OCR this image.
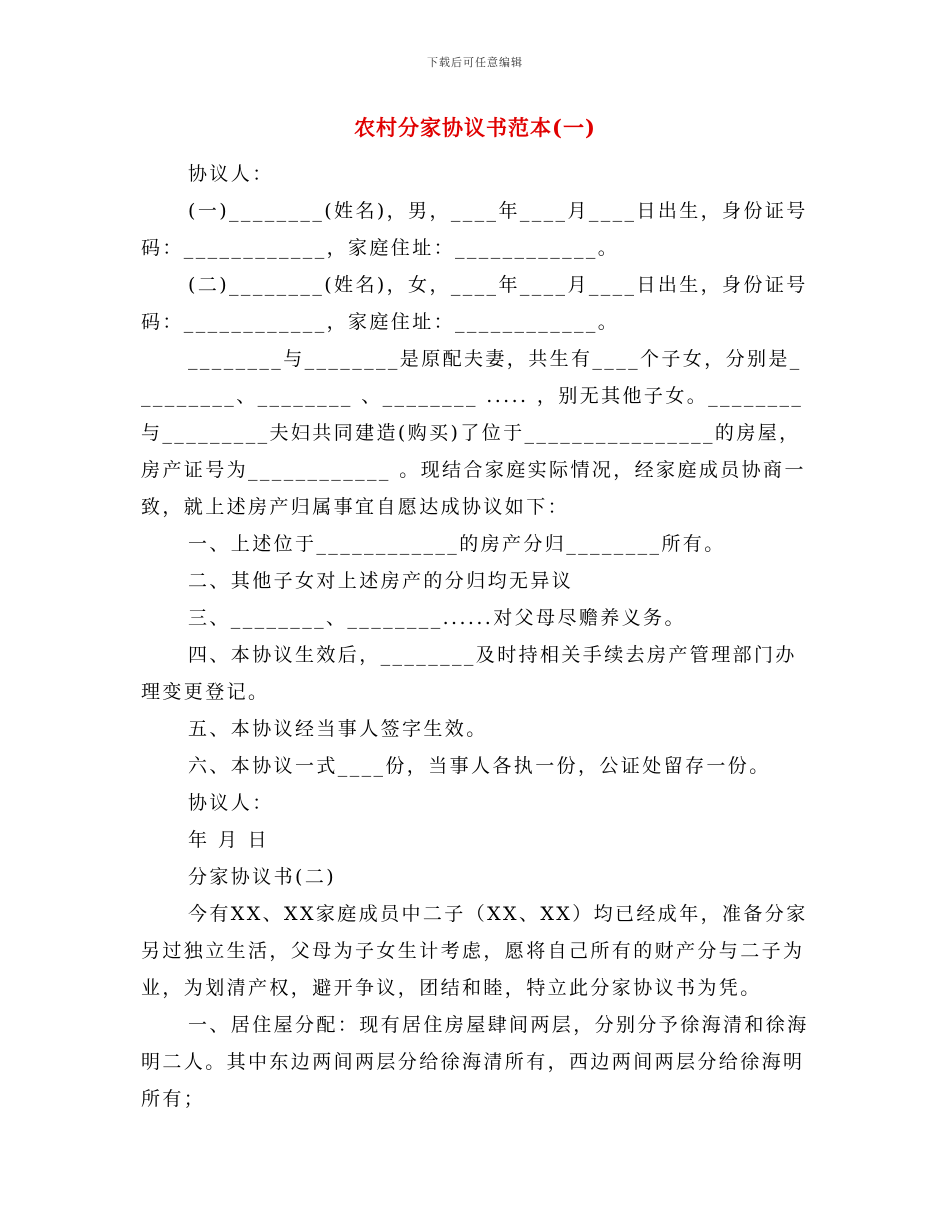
下载后可任意编辑
农村分家协议书范本(一)

协议人：

(一)________(姓名)，男，____年____月____日出生，身份证号码：____________，家庭住址：____________。

(二)________(姓名)，女，____年____月____日出生，身份证号码：____________，家庭住址：____________。

________与________是原配夫妻，共生有____个子女，分别是_________、________ 、________ ..... ，别无其他子女。________与_________夫妇共同建造(购买)了位于________________的房屋，房产证号为____________ 。现结合家庭实际情况，经家庭成员协商一致，就上述房产归属事宜自愿达成协议如下：

一、上述位于____________的房产分归________所有。

二、其他子女对上述房产的分归均无异议

三、________、________......对父母尽赡养义务。

四、本协议生效后，________及时持相关手续去房产管理部门办理变更登记。

五、本协议经当事人签字生效。

六、本协议一式____份，当事人各执一份，公证处留存一份。

协议人：

年 月 日

分家协议书(二)

今有XX、XX家庭成员中二子（XX、XX）均已经成年，准备分家另过独立生活，父母为子女生计考虑，愿将自己所有的财产分与二子为业，为划清产权，避开争议，团结和睦，特立此分家协议书为凭。

一、居住屋分配：现有居住房屋肆间两层，分别分予徐海清和徐海明二人。其中东边两间两层分给徐海清所有，西边两间两层分给徐海明所有；
